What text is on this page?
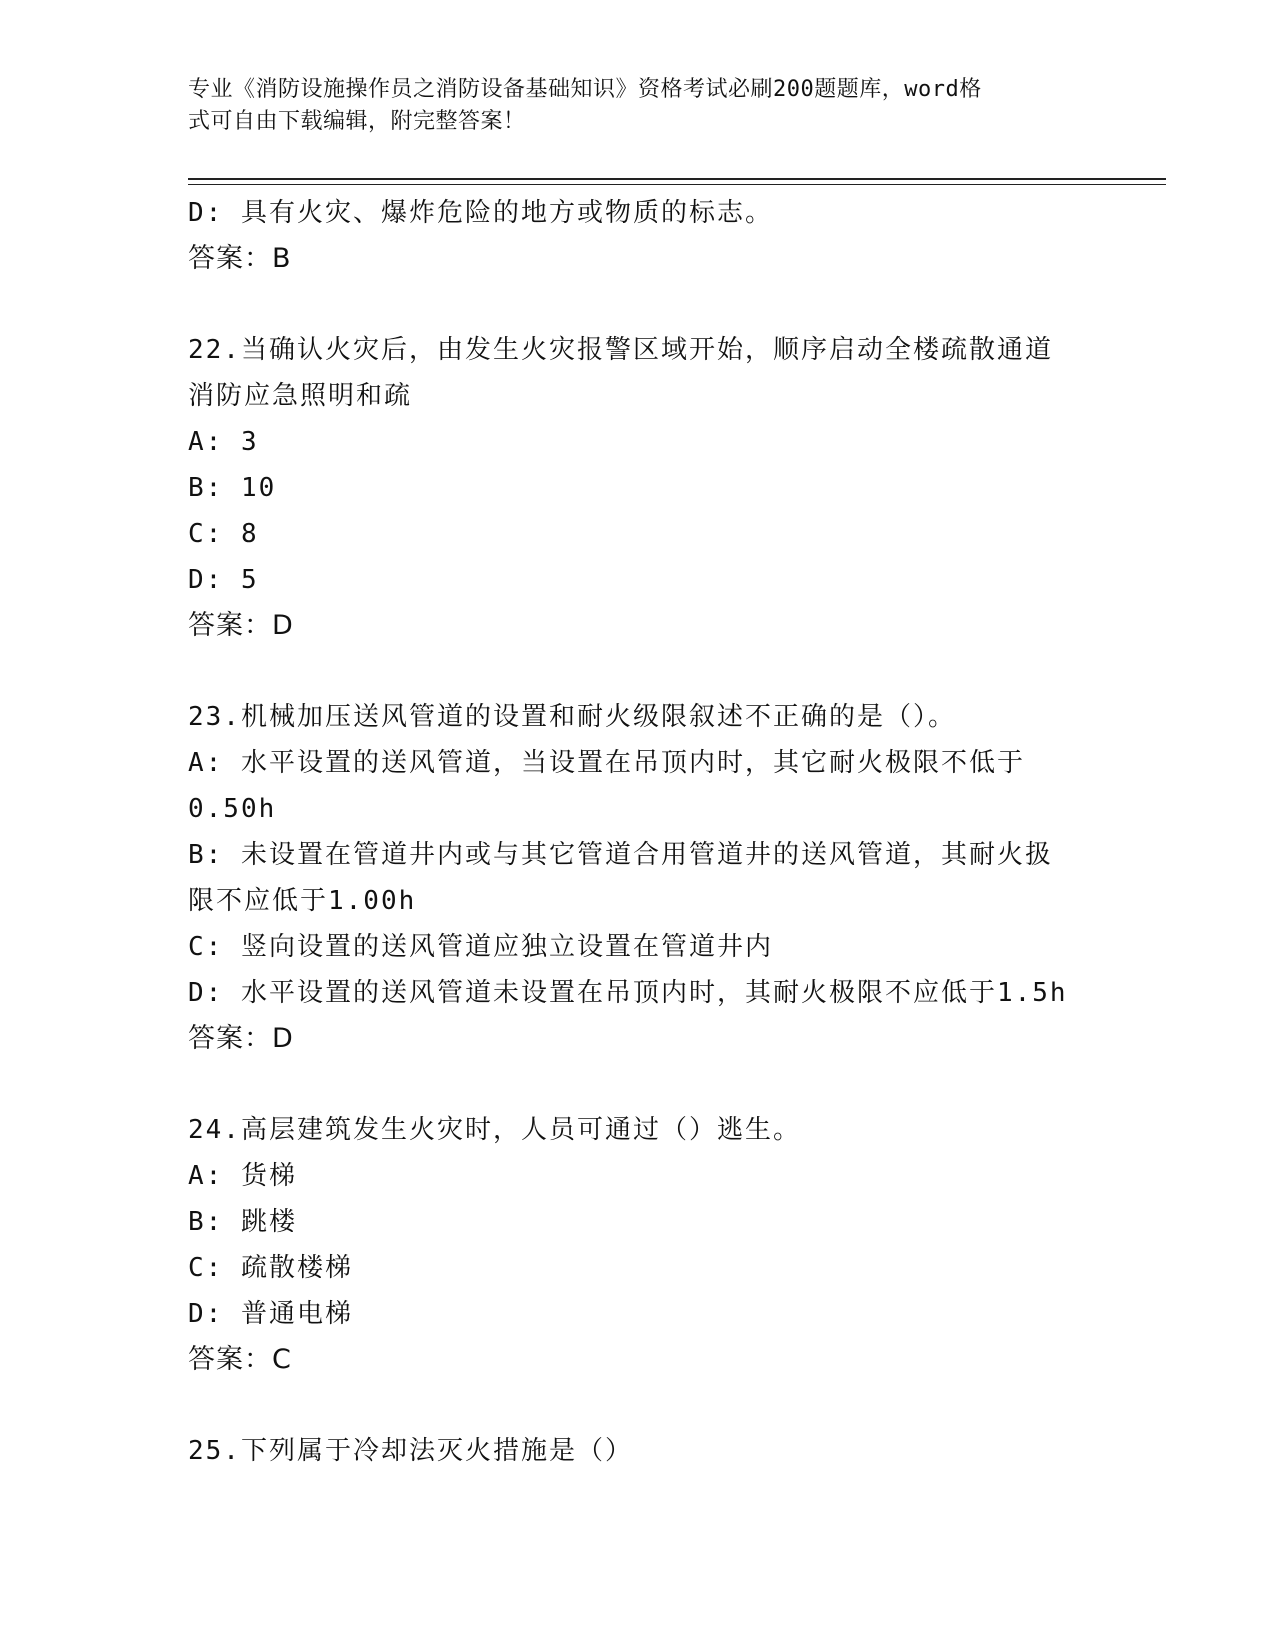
专业《消防设施操作员之消防设备基础知识》资格考试必刷200题题库，word格
式可自由下载编辑，附完整答案！
D: 具有火灾、爆炸危险的地方或物质的标志。
答案：B
22.当确认火灾后，由发生火灾报警区域开始，顺序启动全楼疏散通道
消防应急照明和疏
A: 3
B: 10
C: 8
D: 5
答案：D
23.机械加压送风管道的设置和耐火级限叙述不正确的是（）。
A: 水平设置的送风管道，当设置在吊顶内时，其它耐火极限不低于
0.50h
B: 未设置在管道井内或与其它管道合用管道井的送风管道，其耐火扱
限不应低于1.00h
C: 竖向设置的送风管道应独立设置在管道井内
D: 水平设置的送风管道未设置在吊顶内时，其耐火极限不应低于1.5h
答案：D
24.高层建筑发生火灾时，人员可通过（）逃生。
A: 货梯
B: 跳楼
C: 疏散楼梯
D: 普通电梯
答案：C
25.下列属于冷却法灭火措施是（）
